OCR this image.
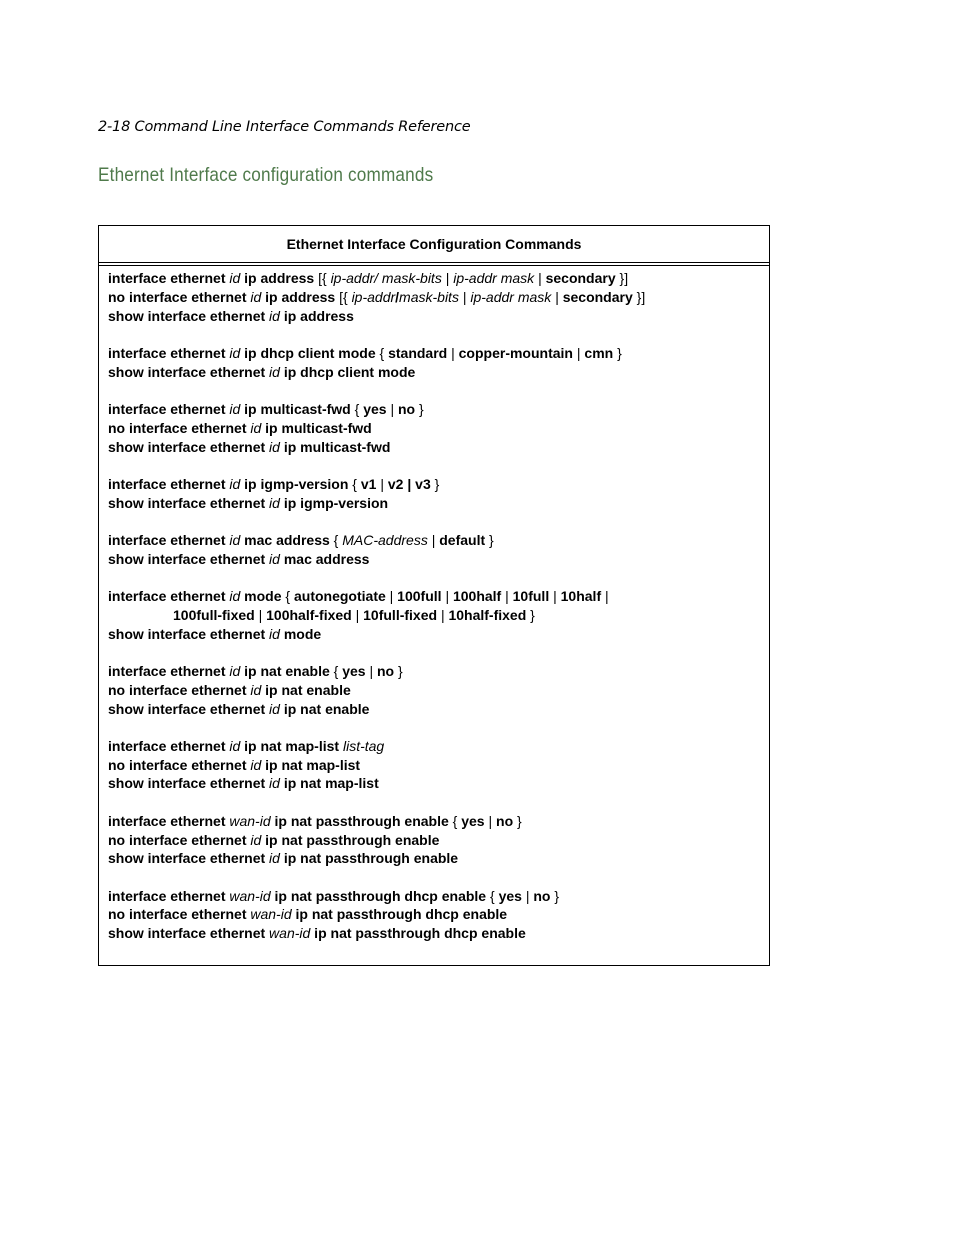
2-18 Command Line Interface Commands Reference
Ethernet Interface configuration commands
Ethernet Interface Configuration Commands
interface ethernet id ip address [{ ip-addr/ mask-bits | ip-addr mask | secondary }]
no interface ethernet id ip address [{ ip-addr/mask-bits | ip-addr mask | secondary }]
show interface ethernet id ip address
interface ethernet id ip dhcp client mode { standard | copper-mountain | cmn }
show interface ethernet id ip dhcp client mode
interface ethernet id ip multicast-fwd { yes | no }
no interface ethernet id ip multicast-fwd
show interface ethernet id ip multicast-fwd
interface ethernet id ip igmp-version { v1 | v2 | v3 }
show interface ethernet id ip igmp-version
interface ethernet id mac address { MAC-address | default }
show interface ethernet id mac address
interface ethernet id mode { autonegotiate | 100full | 100half | 10full | 10half |
100full-fixed | 100half-fixed | 10full-fixed | 10half-fixed }
show interface ethernet id mode
interface ethernet id ip nat enable { yes | no }
no interface ethernet id ip nat enable
show interface ethernet id ip nat enable
interface ethernet id ip nat map-list list-tag
no interface ethernet id ip nat map-list
show interface ethernet id ip nat map-list
interface ethernet wan-id ip nat passthrough enable { yes | no }
no interface ethernet id ip nat passthrough enable
show interface ethernet id ip nat passthrough enable
interface ethernet wan-id ip nat passthrough dhcp enable { yes | no }
no interface ethernet wan-id ip nat passthrough dhcp enable
show interface ethernet wan-id ip nat passthrough dhcp enable
